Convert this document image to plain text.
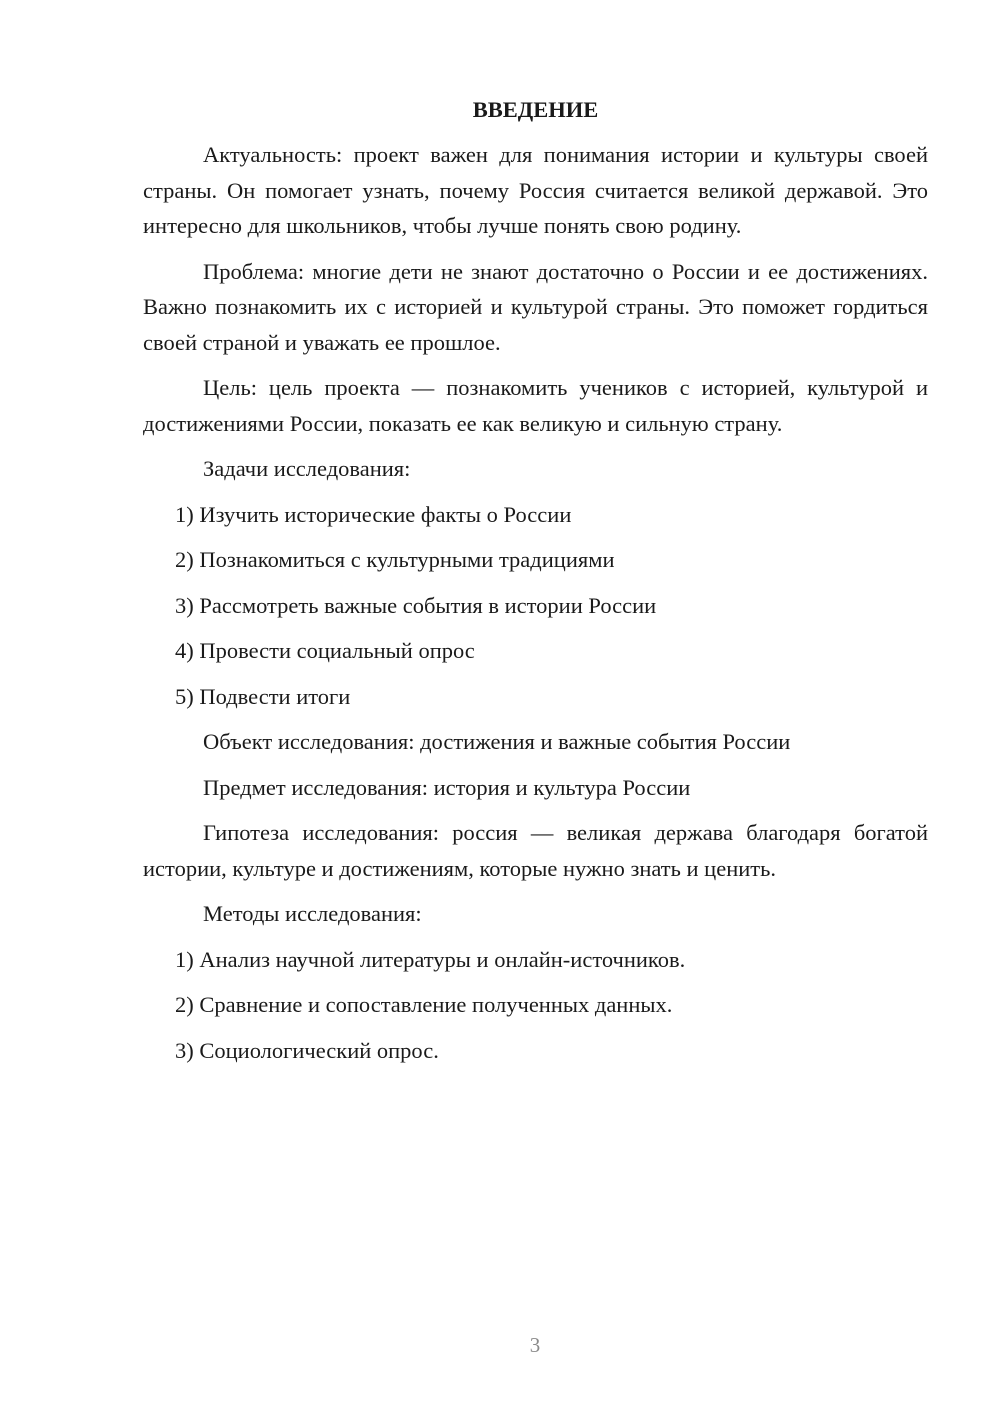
ВВЕДЕНИЕ

Актуальность: проект важен для понимания истории и культуры своей страны. Он помогает узнать, почему Россия считается великой державой. Это интересно для школьников, чтобы лучше понять свою родину.

Проблема: многие дети не знают достаточно о России и ее достижениях. Важно познакомить их с историей и культурой страны. Это поможет гордиться своей страной и уважать ее прошлое.

Цель: цель проекта — познакомить учеников с историей, культурой и достижениями России, показать ее как великую и сильную страну.

Задачи исследования:

1) Изучить исторические факты о России
2) Познакомиться с культурными традициями
3) Рассмотреть важные события в истории России
4) Провести социальный опрос
5) Подвести итоги

Объект исследования: достижения и важные события России

Предмет исследования: история и культура России

Гипотеза исследования: россия — великая держава благодаря богатой истории, культуре и достижениям, которые нужно знать и ценить.

Методы исследования:

1) Анализ научной литературы и онлайн-источников.
2) Сравнение и сопоставление полученных данных.
3) Социологический опрос.
3
